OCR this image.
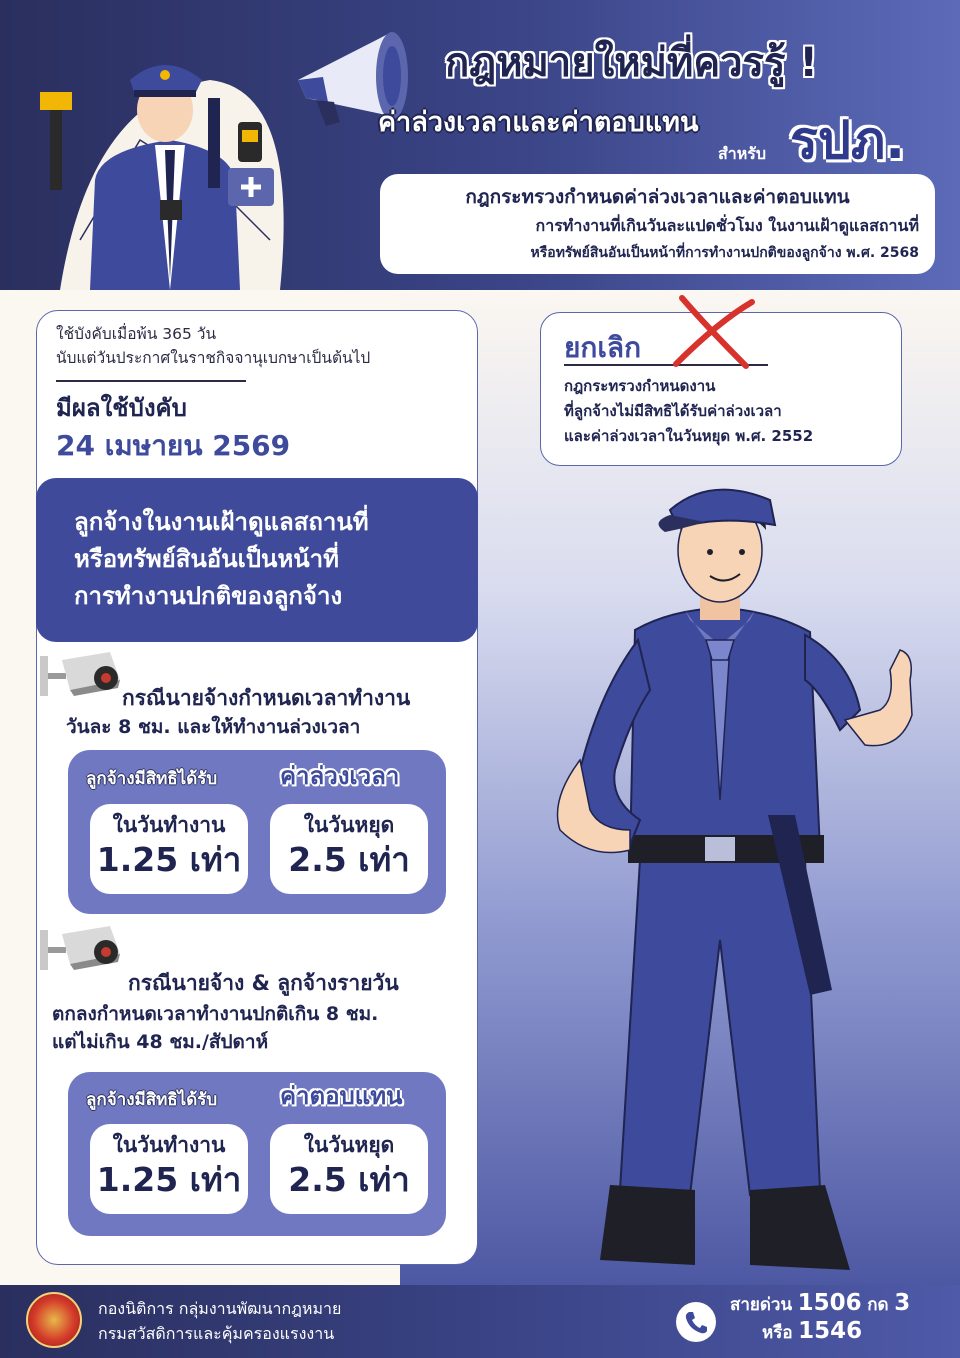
กฎหมายใหม่ที่ควรรู้ !
ค่าล่วงเวลาและค่าตอบแทน
สำหรับ รปภ.
กฎกระทรวงกำหนดค่าล่วงเวลาและค่าตอบแทน
การทำงานที่เกินวันละแปดชั่วโมง ในงานเฝ้าดูแลสถานที่
หรือทรัพย์สินอันเป็นหน้าที่การทำงานปกติของลูกจ้าง พ.ศ. 2568
ใช้บังคับเมื่อพ้น 365 วัน
นับแต่วันประกาศในราชกิจจานุเบกษาเป็นต้นไป
มีผลใช้บังคับ
24 เมษายน 2569
ลูกจ้างในงานเฝ้าดูแลสถานที่
หรือทรัพย์สินอันเป็นหน้าที่
การทำงานปกติของลูกจ้าง
กรณีนายจ้างกำหนดเวลาทำงาน
วันละ 8 ชม. และให้ทำงานล่วงเวลา
ลูกจ้างมีสิทธิได้รับ	ค่าล่วงเวลา
ในวันทำงาน
1.25 เท่า
ในวันหยุด
2.5 เท่า
กรณีนายจ้าง & ลูกจ้างรายวัน
ตกลงกำหนดเวลาทำงานปกติเกิน 8 ชม.
แต่ไม่เกิน 48 ชม./สัปดาห์
ลูกจ้างมีสิทธิได้รับ	ค่าตอบแทน
ในวันทำงาน
1.25 เท่า
ในวันหยุด
2.5 เท่า
ยกเลิก
กฎกระทรวงกำหนดงาน
ที่ลูกจ้างไม่มีสิทธิได้รับค่าล่วงเวลา
และค่าล่วงเวลาในวันหยุด พ.ศ. 2552
กองนิติการ กลุ่มงานพัฒนากฎหมาย
กรมสวัสดิการและคุ้มครองแรงงาน
สายด่วน 1506 กด 3
หรือ 1546
